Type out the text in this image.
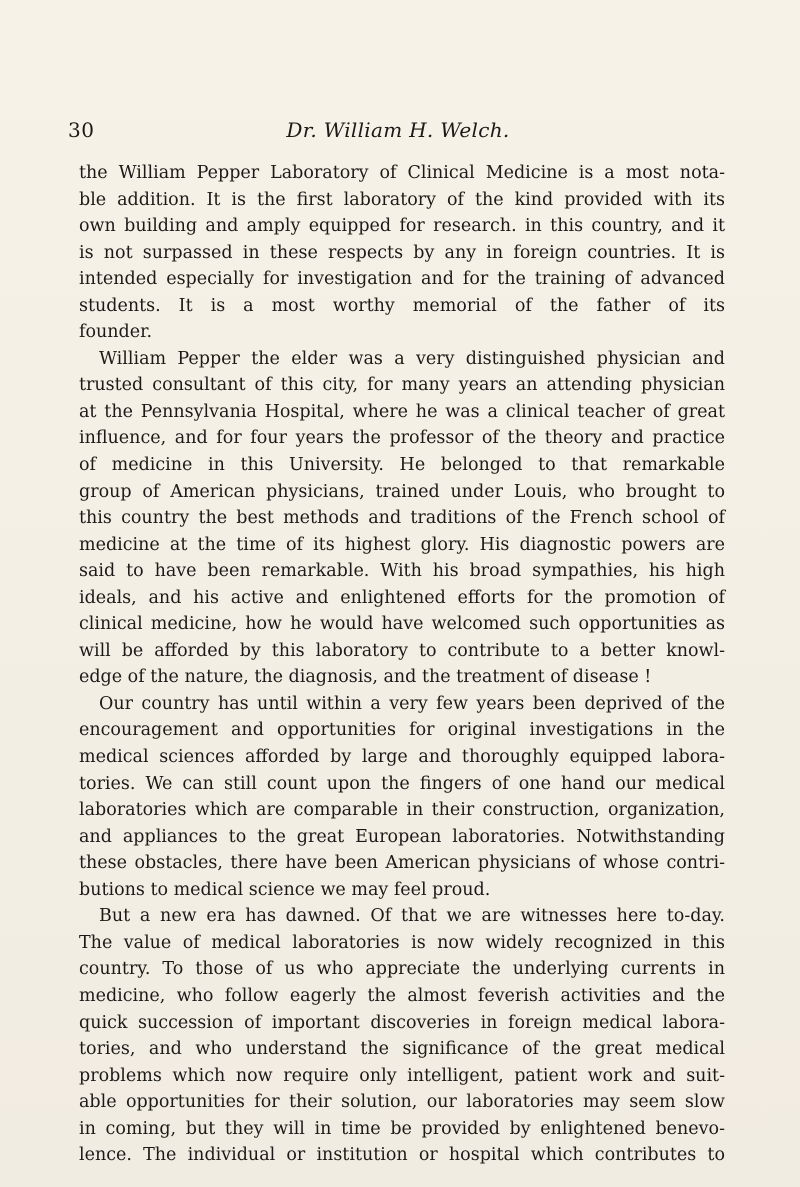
30	Dr. William H. Welch.
the William Pepper Laboratory of Clinical Medicine is a most nota-
ble addition. It is the first laboratory of the kind provided with its
own building and amply equipped for research. in this country, and it
is not surpassed in these respects by any in foreign countries. It is
intended especially for investigation and for the training of advanced
students. It is a most worthy memorial of the father of its
founder.
William Pepper the elder was a very distinguished physician and
trusted consultant of this city, for many years an attending physician
at the Pennsylvania Hospital, where he was a clinical teacher of great
influence, and for four years the professor of the theory and practice
of medicine in this University. He belonged to that remarkable
group of American physicians, trained under Louis, who brought to
this country the best methods and traditions of the French school of
medicine at the time of its highest glory. His diagnostic powers are
said to have been remarkable. With his broad sympathies, his high
ideals, and his active and enlightened efforts for the promotion of
clinical medicine, how he would have welcomed such opportunities as
will be afforded by this laboratory to contribute to a better knowl-
edge of the nature, the diagnosis, and the treatment of disease !
Our country has until within a very few years been deprived of the
encouragement and opportunities for original investigations in the
medical sciences afforded by large and thoroughly equipped labora-
tories. We can still count upon the fingers of one hand our medical
laboratories which are comparable in their construction, organization,
and appliances to the great European laboratories. Notwithstanding
these obstacles, there have been American physicians of whose contri-
butions to medical science we may feel proud.
But a new era has dawned. Of that we are witnesses here to-day.
The value of medical laboratories is now widely recognized in this
country. To those of us who appreciate the underlying currents in
medicine, who follow eagerly the almost feverish activities and the
quick succession of important discoveries in foreign medical labora-
tories, and who understand the significance of the great medical
problems which now require only intelligent, patient work and suit-
able opportunities for their solution, our laboratories may seem slow
in coming, but they will in time be provided by enlightened benevo-
lence. The individual or institution or hospital which contributes to
